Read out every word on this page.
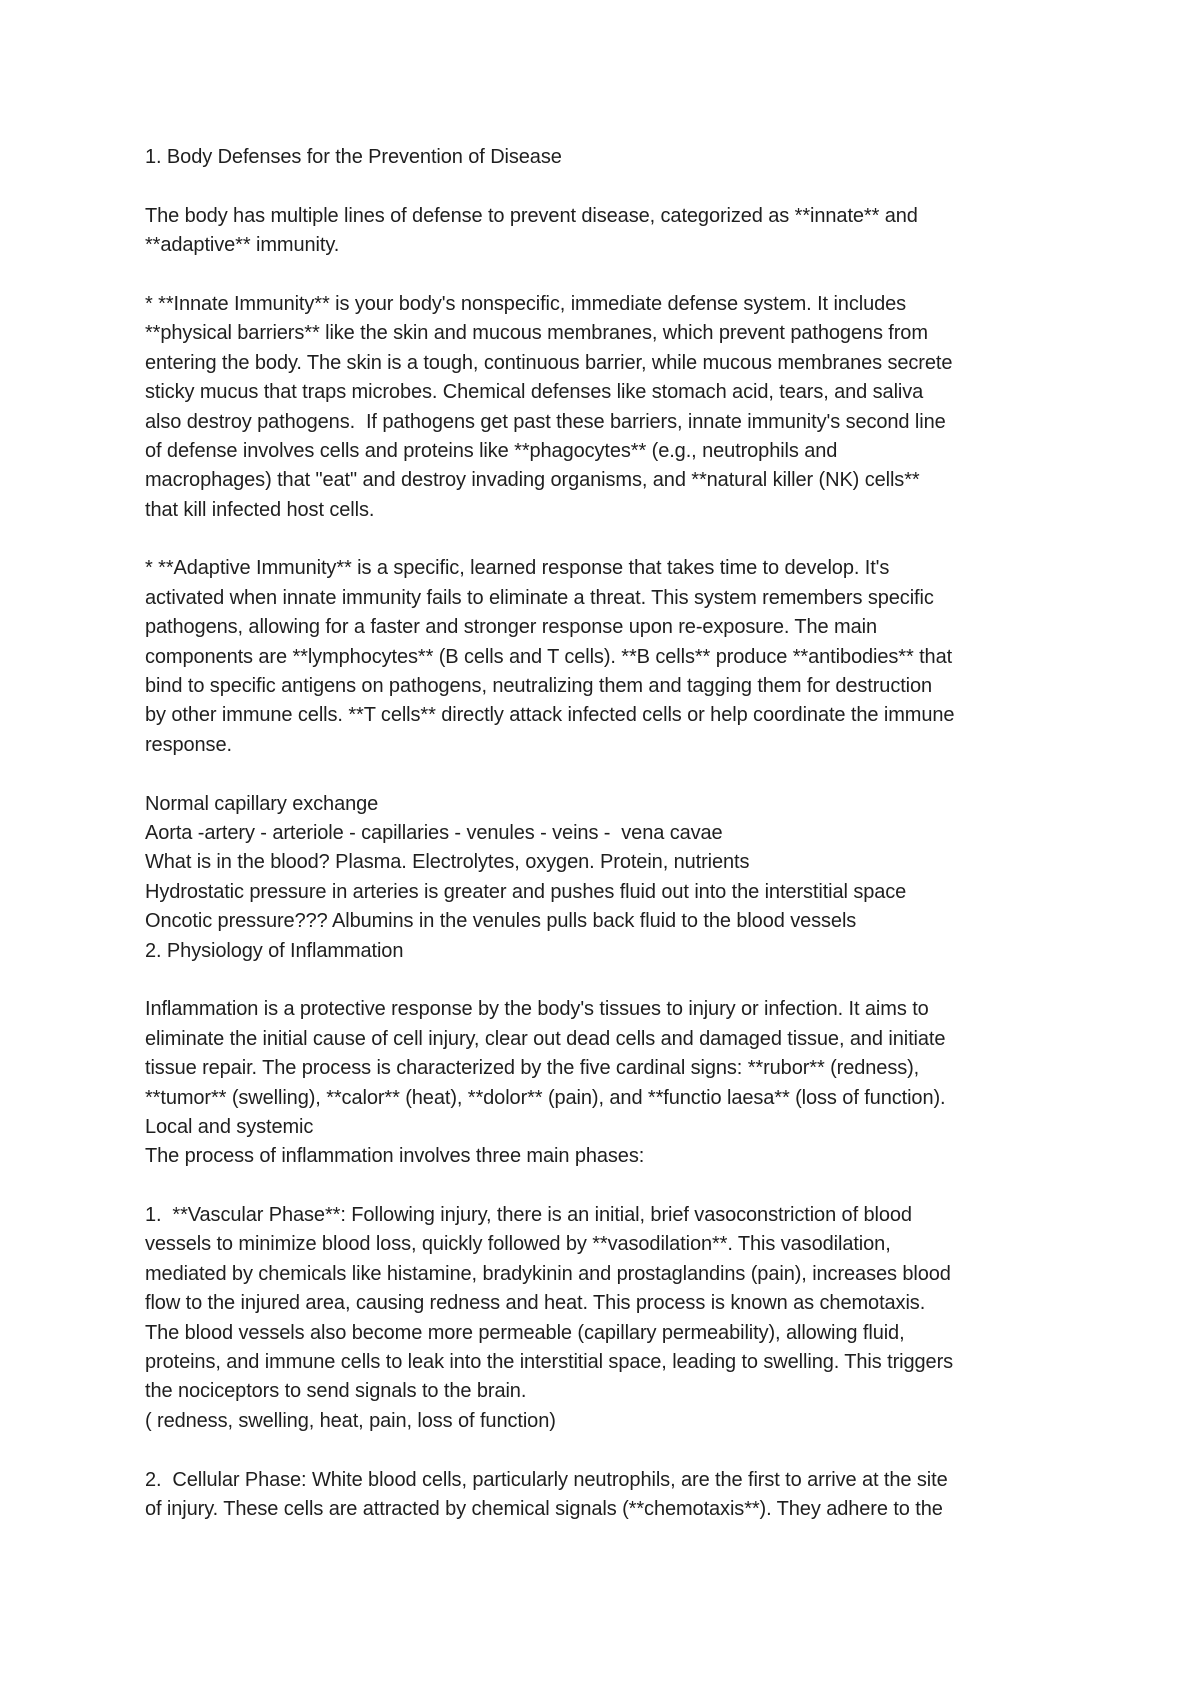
1. Body Defenses for the Prevention of Disease
The body has multiple lines of defense to prevent disease, categorized as **innate** and
**adaptive** immunity.
* **Innate Immunity** is your body's nonspecific, immediate defense system. It includes
**physical barriers** like the skin and mucous membranes, which prevent pathogens from
entering the body. The skin is a tough, continuous barrier, while mucous membranes secrete
sticky mucus that traps microbes. Chemical defenses like stomach acid, tears, and saliva
also destroy pathogens.  If pathogens get past these barriers, innate immunity's second line
of defense involves cells and proteins like **phagocytes** (e.g., neutrophils and
macrophages) that "eat" and destroy invading organisms, and **natural killer (NK) cells**
that kill infected host cells.
* **Adaptive Immunity** is a specific, learned response that takes time to develop. It's
activated when innate immunity fails to eliminate a threat. This system remembers specific
pathogens, allowing for a faster and stronger response upon re-exposure. The main
components are **lymphocytes** (B cells and T cells). **B cells** produce **antibodies** that
bind to specific antigens on pathogens, neutralizing them and tagging them for destruction
by other immune cells. **T cells** directly attack infected cells or help coordinate the immune
response.
Normal capillary exchange
Aorta -artery - arteriole - capillaries - venules - veins -  vena cavae
What is in the blood? Plasma. Electrolytes, oxygen. Protein, nutrients
Hydrostatic pressure in arteries is greater and pushes fluid out into the interstitial space
Oncotic pressure??? Albumins in the venules pulls back fluid to the blood vessels
2. Physiology of Inflammation
Inflammation is a protective response by the body's tissues to injury or infection. It aims to
eliminate the initial cause of cell injury, clear out dead cells and damaged tissue, and initiate
tissue repair. The process is characterized by the five cardinal signs: **rubor** (redness),
**tumor** (swelling), **calor** (heat), **dolor** (pain), and **functio laesa** (loss of function).
Local and systemic
The process of inflammation involves three main phases:
1.  **Vascular Phase**: Following injury, there is an initial, brief vasoconstriction of blood
vessels to minimize blood loss, quickly followed by **vasodilation**. This vasodilation,
mediated by chemicals like histamine, bradykinin and prostaglandins (pain), increases blood
flow to the injured area, causing redness and heat. This process is known as chemotaxis.
The blood vessels also become more permeable (capillary permeability), allowing fluid,
proteins, and immune cells to leak into the interstitial space, leading to swelling. This triggers
the nociceptors to send signals to the brain.
( redness, swelling, heat, pain, loss of function)
2.  Cellular Phase: White blood cells, particularly neutrophils, are the first to arrive at the site
of injury. These cells are attracted by chemical signals (**chemotaxis**). They adhere to the
